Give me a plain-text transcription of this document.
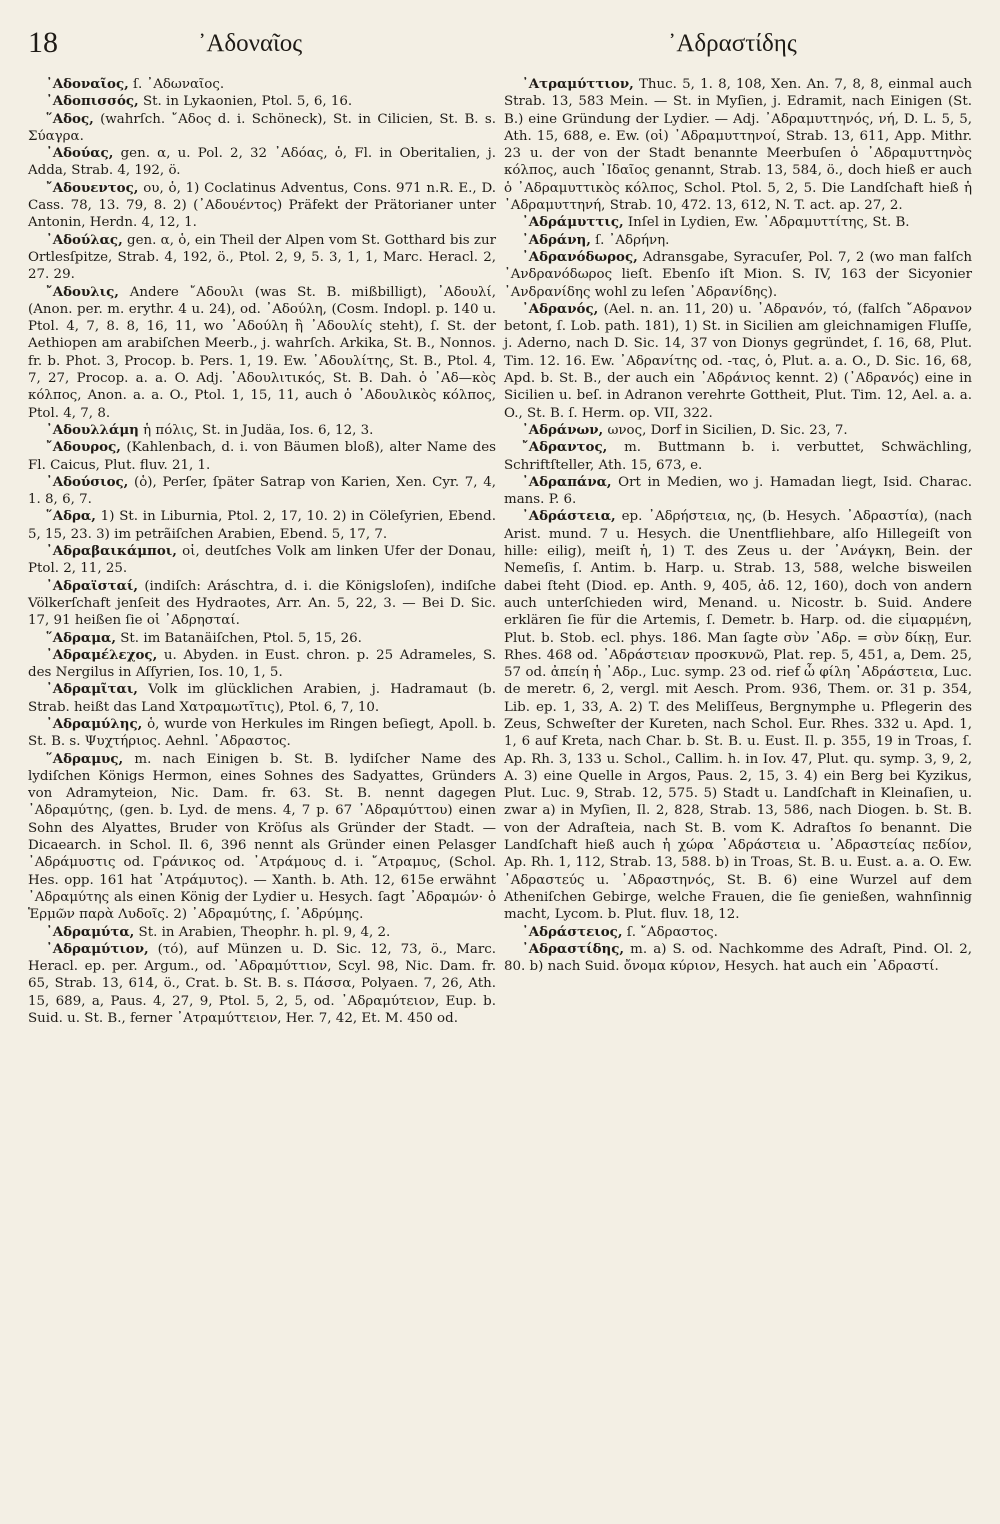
18	᾽Αδοναῖος	᾽Αδραστίδης

᾽Αδοναῖος, ſ. ᾽Αδωναῖος.

᾽Αδοπισσός, St. in Lykaonien, Ptol. 5, 6, 16.

῞Αδος, (wahrſch. ῎Αδος d. i. Schöneck), St. in Cilicien, St. B. s. Σύαγρα.

᾽Αδούας, gen. α, u. Pol. 2, 32 ᾽Αδόας, ὁ, Fl. in Oberitalien, j. Adda, Strab. 4, 192, ö.

῎Αδουεντος, ου, ὁ, 1) Coclatinus Adventus, Cons. 971 n.R. E., D. Cass. 78, 13. 79, 8. 2) (᾽Αδουέντος) Präfekt der Prätorianer unter Antonin, Herdn. 4, 12, 1.

᾽Αδούλας, gen. α, ὁ, ein Theil der Alpen vom St. Gotthard bis zur Ortlesſpitze, Strab. 4, 192, ö., Ptol. 2, 9, 5. 3, 1, 1, Marc. Heracl. 2, 27. 29.

῎Αδουλις, Andere ῎Αδουλι (was St. B. mißbilligt), ᾽Αδουλί, (Anon. per. m. erythr. 4 u. 24), od. ᾽Αδούλη, (Cosm. Indopl. p. 140 u. Ptol. 4, 7, 8. 8, 16, 11, wo ᾽Αδούλη ἢ ᾽Αδουλίς steht), ſ. St. der Aethiopen am arabiſchen Meerb., j. wahrſch. Arkika, St. B., Nonnos. fr. b. Phot. 3, Procop. b. Pers. 1, 19. Ew. ᾽Αδουλίτης, St. B., Ptol. 4, 7, 27, Procop. a. a. O. Adj. ᾽Αδουλιτικός, St. B. Dah. ὁ ᾽Αδ—κὸς κόλπος, Anon. a. a. O., Ptol. 1, 15, 11, auch ὁ ᾽Αδουλικὸς κόλπος, Ptol. 4, 7, 8.

᾽Αδουλλάμη ἡ πόλις, St. in Judäa, Ios. 6, 12, 3.

῎Αδουρος, (Kahlenbach, d. i. von Bäumen bloß), alter Name des Fl. Caicus, Plut. fluv. 21, 1.

᾽Αδούσιος, (ὁ), Perſer, ſpäter Satrap von Karien, Xen. Cyr. 7, 4, 1. 8, 6, 7.

῞Αδρα, 1) St. in Liburnia, Ptol. 2, 17, 10. 2) in Cöleſyrien, Ebend. 5, 15, 23. 3) im petrãiſchen Arabien, Ebend. 5, 17, 7.

᾽Αδραβαικάμποι, οἱ, deutſches Volk am linken Ufer der Donau, Ptol. 2, 11, 25.

᾽Αδραϊσταί, (indiſch: Aráschtra, d. i. die Königsloſen), indiſche Völkerſchaft jenſeit des Hydraotes, Arr. An. 5, 22, 3. — Bei D. Sic. 17, 91 heißen ſie οἱ ᾽Αδρησταί.

῞Αδραμα, St. im Batanäiſchen, Ptol. 5, 15, 26.

᾽Αδραμέλεχος, u. Abyden. in Eust. chron. p. 25 Adrameles, S. des Nergilus in Aſſyrien, Ios. 10, 1, 5.

᾽Αδραμῖται, Volk im glücklichen Arabien, j. Hadramaut (b. Strab. heißt das Land Χατραμωτῖτις), Ptol. 6, 7, 10.

᾽Αδραμύλης, ὁ, wurde von Herkules im Ringen beſiegt, Apoll. b. St. B. s. Ψυχτήριος. Aehnl. ᾽Αδραστος.

῞Αδραμυς, m. nach Einigen b. St. B. lydiſcher Name des lydiſchen Königs Hermon, eines Sohnes des Sadyattes, Gründers von Adramyteion, Nic. Dam. fr. 63. St. B. nennt dagegen ᾽Αδραμύτης, (gen. b. Lyd. de mens. 4, 7 p. 67 ᾽Αδραμύττου) einen Sohn des Alyattes, Bruder von Kröſus als Gründer der Stadt. — Dicaearch. in Schol. Il. 6, 396 nennt als Gründer einen Pelasger ᾽Αδράμυστις od. Γράνικος od. ᾽Ατράμους d. i. ῎Ατραμυς, (Schol. Hes. opp. 161 hat ᾽Ατράμυτος). — Xanth. b. Ath. 12, 615e erwähnt ᾽Αδραμύτης als einen König der Lydier u. Hesych. ſagt ᾽Αδραμών· ὁ Ἑρμῶν παρὰ Λυδοῖς. 2) ᾽Αδραμύτης, ſ. ᾽Αδρύμης.

᾽Αδραμύτα, St. in Arabien, Theophr. h. pl. 9, 4, 2.

᾽Αδραμύτιον, (τό), auf Münzen u. D. Sic. 12, 73, ö., Marc. Heracl. ep. per. Argum., od. ᾽Αδραμύττιον, Scyl. 98, Nic. Dam. fr. 65, Strab. 13, 614, ö., Crat. b. St. B. s. Πάσσα, Polyaen. 7, 26, Ath. 15, 689, a, Paus. 4, 27, 9, Ptol. 5, 2, 5, od. ᾽Αδραμύτειον, Eup. b. Suid. u. St. B., ferner ᾽Ατραμύττειον, Her. 7, 42, Et. M. 450 od.

᾽Ατραμύττιον, Thuc. 5, 1. 8, 108, Xen. An. 7, 8, 8, einmal auch Strab. 13, 583 Mein. — St. in Myſien, j. Edramit, nach Einigen (St. B.) eine Gründung der Lydier. — Adj. ᾽Αδραμυττηνός, νή, D. L. 5, 5, Ath. 15, 688, e. Ew. (οἱ) ᾽Αδραμυττηνοί, Strab. 13, 611, App. Mithr. 23 u. der von der Stadt benannte Meerbuſen ὁ ᾽Αδραμυττηνὸς κόλπος, auch ᾽Ιδαῖος genannt, Strab. 13, 584, ö., doch hieß er auch ὁ ᾽Αδραμυττικὸς κόλπος, Schol. Ptol. 5, 2, 5. Die Landſchaft hieß ἡ ᾽Αδραμυττηνή, Strab. 10, 472. 13, 612, N. T. act. ap. 27, 2.

᾽Αδράμυττις, Inſel in Lydien, Ew. ᾽Αδραμυττίτης, St. B.

᾽Αδράνη, ſ. ᾽Αδρήνη.

᾽Αδρανόδωρος, Adransgabe, Syracuſer, Pol. 7, 2 (wo man falſch ᾽Ανδρανόδωρος lieſt. Ebenſo iſt Mion. S. IV, 163 der Sicyonier ᾽Ανδρανίδης wohl zu leſen ᾽Αδρανίδης).

᾽Αδρανός, (Ael. n. an. 11, 20) u. ᾽Αδρανόν, τό, (falſch ῎Αδρανον betont, ſ. Lob. path. 181), 1) St. in Sicilien am gleichnamigen Fluſſe, j. Aderno, nach D. Sic. 14, 37 von Dionys gegründet, ſ. 16, 68, Plut. Tim. 12. 16. Ew. ᾽Αδρανίτης od. -τας, ὁ, Plut. a. a. O., D. Sic. 16, 68, Apd. b. St. B., der auch ein ᾽Αδράνιος kennt. 2) (᾽Αδρανός) eine in Sicilien u. beſ. in Adranon verehrte Gottheit, Plut. Tim. 12, Ael. a. a. O., St. B. ſ. Herm. op. VII, 322.

᾽Αδράνων, ωνος, Dorf in Sicilien, D. Sic. 23, 7.

῎Αδραντος, m. Buttmann b. i. verbuttet, Schwächling, Schriftſteller, Ath. 15, 673, e.

᾽Αδραπάνα, Ort in Medien, wo j. Hamadan liegt, Isid. Charac. mans. P. 6.

᾽Αδράστεια, ep. ᾽Αδρήστεια, ης, (b. Hesych. ᾽Αδραστία), (nach Arist. mund. 7 u. Hesych. die Unentfliehbare, alſo Hillegeiſt von hille: eilig), meiſt ἡ, 1) T. des Zeus u. der ᾽Ανάγκη, Bein. der Nemeſis, ſ. Antim. b. Harp. u. Strab. 13, 588, welche bisweilen dabei ſteht (Diod. ep. Anth. 9, 405, ἀδ. 12, 160), doch von andern auch unterſchieden wird, Menand. u. Nicostr. b. Suid. Andere erklären ſie für die Artemis, ſ. Demetr. b. Harp. od. die εἱμαρμένη, Plut. b. Stob. ecl. phys. 186. Man ſagte σὺν ᾽Αδρ. = σὺν δίκῃ, Eur. Rhes. 468 od. ᾽Αδράστειαν προσκυνῶ, Plat. rep. 5, 451, a, Dem. 25, 57 od. ἀπείη ἡ ᾽Αδρ., Luc. symp. 23 od. rief ὦ φίλη ᾽Αδράστεια, Luc. de meretr. 6, 2, vergl. mit Aesch. Prom. 936, Them. or. 31 p. 354, Lib. ep. 1, 33, A. 2) T. des Meliſſeus, Bergnymphe u. Pflegerin des Zeus, Schweſter der Kureten, nach Schol. Eur. Rhes. 332 u. Apd. 1, 1, 6 auf Kreta, nach Char. b. St. B. u. Eust. Il. p. 355, 19 in Troas, ſ. Ap. Rh. 3, 133 u. Schol., Callim. h. in Iov. 47, Plut. qu. symp. 3, 9, 2, A. 3) eine Quelle in Argos, Paus. 2, 15, 3. 4) ein Berg bei Kyzikus, Plut. Luc. 9, Strab. 12, 575. 5) Stadt u. Landſchaft in Kleinaſien, u. zwar a) in Myſien, Il. 2, 828, Strab. 13, 586, nach Diogen. b. St. B. von der Adraſteia, nach St. B. vom K. Adraſtos ſo benannt. Die Landſchaft hieß auch ἡ χώρα ᾽Αδράστεια u. ᾽Αδραστείας πεδίον, Ap. Rh. 1, 112, Strab. 13, 588. b) in Troas, St. B. u. Eust. a. a. O. Ew. ᾽Αδραστεύς u. ᾽Αδραστηνός, St. B. 6) eine Wurzel auf dem Atheniſchen Gebirge, welche Frauen, die ſie genießen, wahnſinnig macht, Lycom. b. Plut. fluv. 18, 12.

᾽Αδράστειος, ſ. ῎Αδραστος.

᾽Αδραστίδης, m. a) S. od. Nachkomme des Adraſt, Pind. Ol. 2, 80. b) nach Suid. ὄνομα κύριον, Hesych. hat auch ein ᾽Αδραστί.
